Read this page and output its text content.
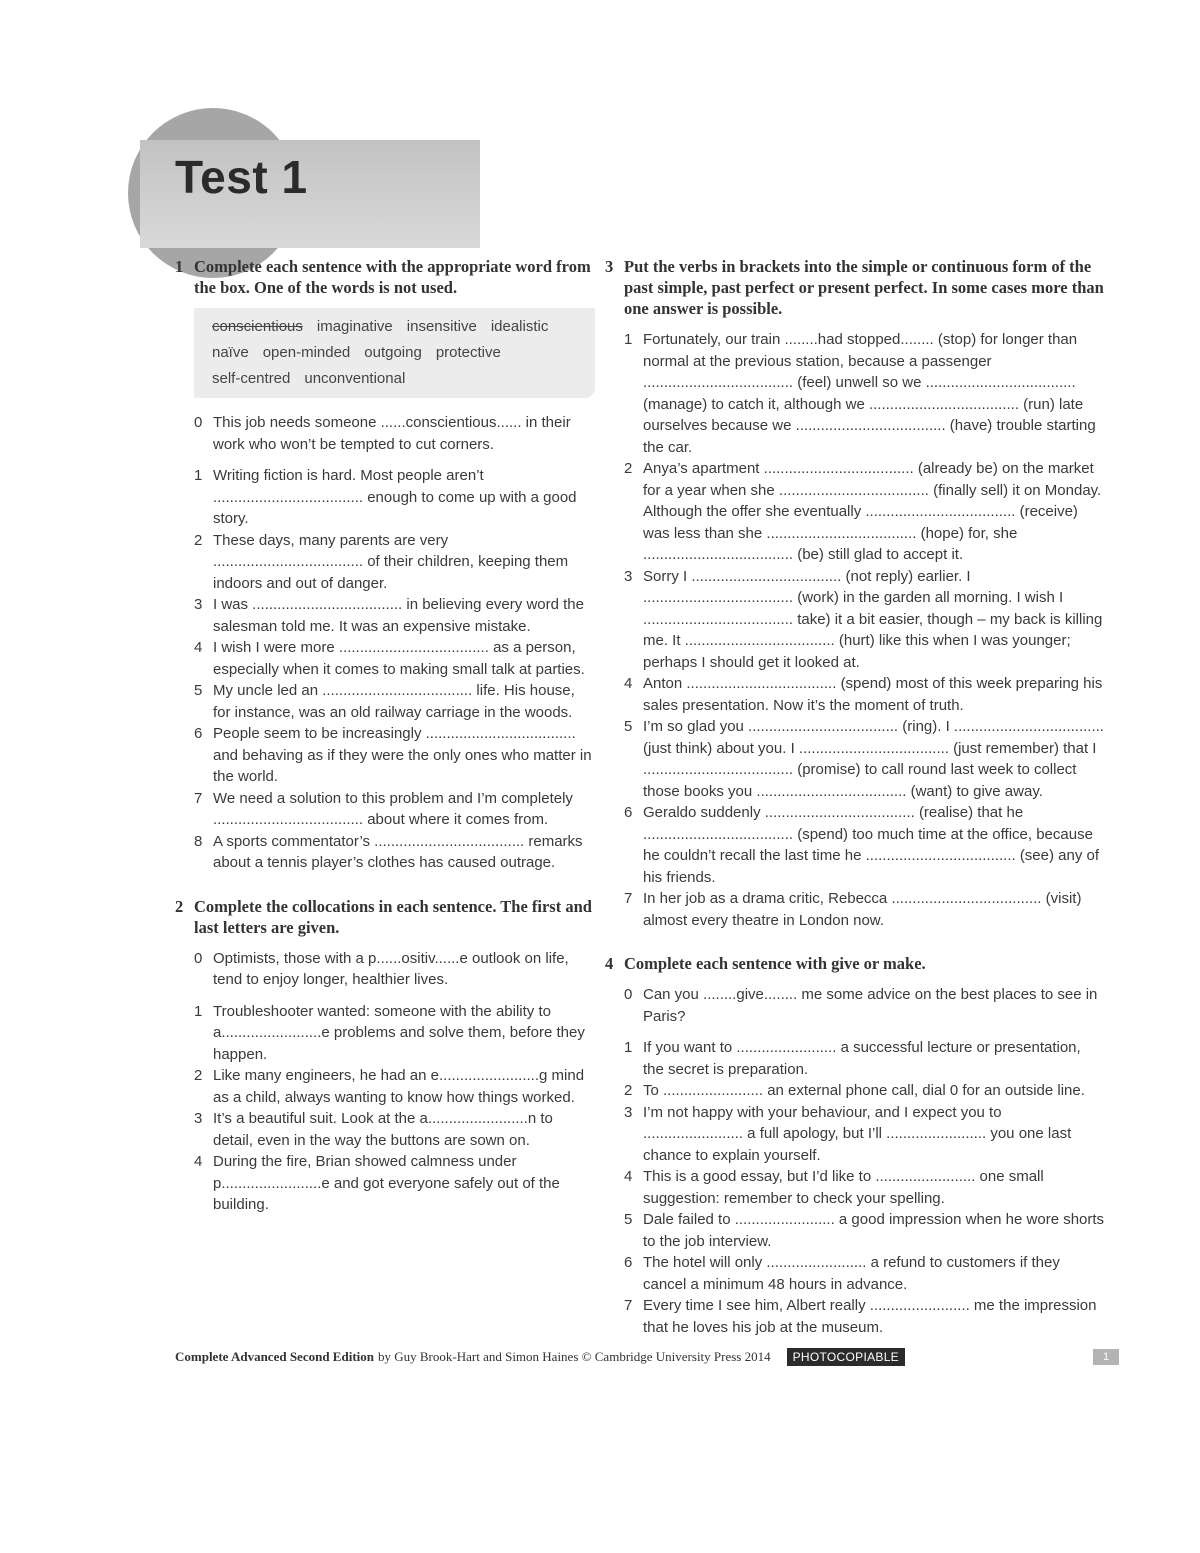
Test 1
1 Complete each sentence with the appropriate word from the box. One of the words is not used.
conscientious imaginative insensitive idealisticnaïve open-minded outgoing protectiveself-centred unconventional
0 This job needs someone ......conscientious...... in their work who won’t be tempted to cut corners.
1 Writing fiction is hard. Most people aren’t .................................... enough to come up with a good story.
2 These days, many parents are very .................................... of their children, keeping them indoors and out of danger.
3 I was .................................... in believing every word the salesman told me. It was an expensive mistake.
4 I wish I were more .................................... as a person, especially when it comes to making small talk at parties.
5 My uncle led an .................................... life. His house, for instance, was an old railway carriage in the woods.
6 People seem to be increasingly .................................... and behaving as if they were the only ones who matter in the world.
7 We need a solution to this problem and I’m completely .................................... about where it comes from.
8 A sports commentator’s .................................... remarks about a tennis player’s clothes has caused outrage.
2 Complete the collocations in each sentence. The first and last letters are given.
0 Optimists, those with a p......ositiv......e outlook on life, tend to enjoy longer, healthier lives.
1 Troubleshooter wanted: someone with the ability to a........................e problems and solve them, before they happen.
2 Like many engineers, he had an e........................g mind as a child, always wanting to know how things worked.
3 It’s a beautiful suit. Look at the a........................n to detail, even in the way the buttons are sown on.
4 During the fire, Brian showed calmness under p........................e and got everyone safely out of the building.
3 Put the verbs in brackets into the simple or continuous form of the past simple, past perfect or present perfect. In some cases more than one answer is possible.
1 Fortunately, our train ........had stopped........ (stop) for longer than normal at the previous station, because a passenger .................................... (feel) unwell so we .................................... (manage) to catch it, although we .................................... (run) late ourselves because we .................................... (have) trouble starting the car.
2 Anya’s apartment .................................... (already be) on the market for a year when she .................................... (finally sell) it on Monday. Although the offer she eventually .................................... (receive) was less than she .................................... (hope) for, she .................................... (be) still glad to accept it.
3 Sorry I .................................... (not reply) earlier. I .................................... (work) in the garden all morning. I wish I .................................... take) it a bit easier, though – my back is killing me. It .................................... (hurt) like this when I was younger; perhaps I should get it looked at.
4 Anton .................................... (spend) most of this week preparing his sales presentation. Now it’s the moment of truth.
5 I’m so glad you .................................... (ring). I .................................... (just think) about you. I .................................... (just remember) that I .................................... (promise) to call round last week to collect those books you .................................... (want) to give away.
6 Geraldo suddenly .................................... (realise) that he .................................... (spend) too much time at the office, because he couldn’t recall the last time he .................................... (see) any of his friends.
7 In her job as a drama critic, Rebecca .................................... (visit) almost every theatre in London now.
4 Complete each sentence with give or make.
0 Can you ........give........ me some advice on the best places to see in Paris?
1 If you want to ........................ a successful lecture or presentation, the secret is preparation.
2 To ........................ an external phone call, dial 0 for an outside line.
3 I’m not happy with your behaviour, and I expect you to ........................ a full apology, but I’ll ........................ you one last chance to explain yourself.
4 This is a good essay, but I’d like to ........................ one small suggestion: remember to check your spelling.
5 Dale failed to ........................ a good impression when he wore shorts to the job interview.
6 The hotel will only ........................ a refund to customers if they cancel a minimum 48 hours in advance.
7 Every time I see him, Albert really ........................ me the impression that he loves his job at the museum.
Complete Advanced Second Edition by Guy Brook-Hart and Simon Haines © Cambridge University Press 2014	PHOTOCOPIABLE	1
